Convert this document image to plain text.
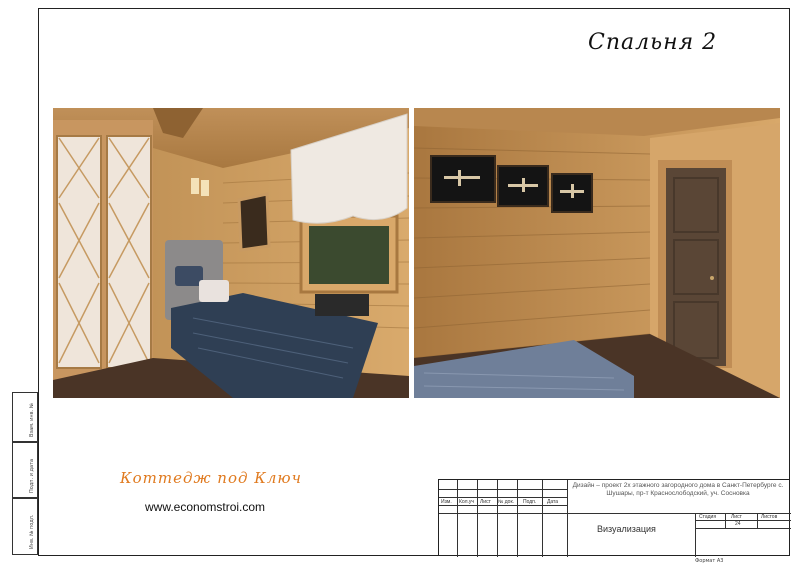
Спальня 2
Коттедж под Ключ
www.economstroi.com
Взам. инв. №
Подп. и дата
Инв. № подл.
Изм. Кол.уч Лист № док. Подп. Дата
Дизайн – проект 2х этажного загородного дома в Санкт-Петербурге с. Шушары, пр-т Краснослободский, уч. Сосновка
Визуализация
Стадия	Лист	Листов
24
Формат А3
